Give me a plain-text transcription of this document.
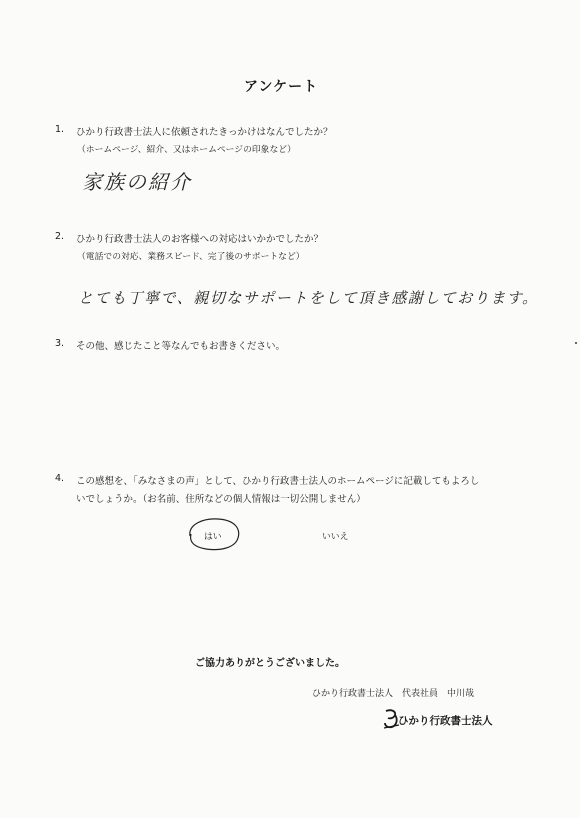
アンケート
1. ひかり行政書士法人に依頼されたきっかけはなんでしたか？
（ホームページ、紹介、又はホームページの印象など）
家族の紹介
2. ひかり行政書士法人のお客様への対応はいかかでしたか？
（電話での対応、業務スピード、完了後のサポートなど）
とても丁寧で、親切なサポートをして頂き感謝しております。
3. その他、感じたこと等なんでもお書きください。
4. この感想を、「みなさまの声」として、ひかり行政書士法人のホームページに記載してもよろし
いでしょうか。（お名前、住所などの個人情報は一切公開しません）
はい	いいえ
ご協力ありがとうございました。
ひかり行政書士法人　代表社員　中川哉
ひかり行政書士法人
